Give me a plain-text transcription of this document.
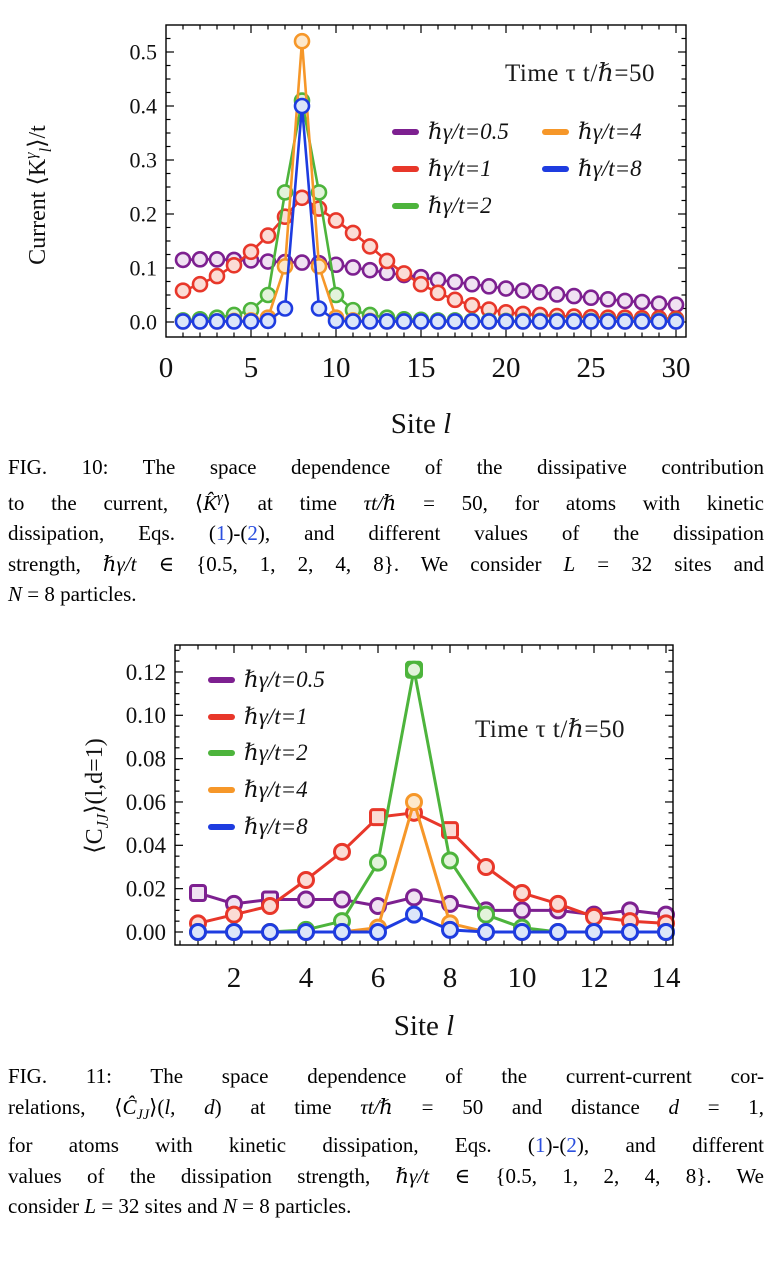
0 5 10 15 20 25 30
0.0
0.1
0.2
0.3
0.4
0.5
Time τ t/ℏ=50
Current $⟨K^\gamma_l⟩/t$
Site l
ℏγ/t=0.5
ℏγ/t=1
ℏγ/t=2
ℏγ/t=4
ℏγ/t=8
FIG. 10: The space dependence of the dissipative contribution
to the current, ⟨K̂$^\gamma$⟩ at time τt/ℏ = 50, for atoms with kinetic
dissipation, Eqs. (1)-(2), and different values of the dissipation
strength, ℏγ/t ∈ {0.5, 1, 2, 4, 8}. We consider L = 32 sites and
N = 8 particles.
2 4 6 8 10 12 14
0.00
0.02
0.04
0.06
0.08
0.10
0.12
Time τ t/ℏ=50
$⟨C_{JJ}⟩(l,d=1)$
Site l
ℏγ/t=0.5
ℏγ/t=1
ℏγ/t=2
ℏγ/t=4
ℏγ/t=8
FIG. 11: The space dependence of the current-current cor-
relations, $⟨Ĉ_{JJ}⟩(l$, d) at time τt/ℏ = 50 and distance d = 1,
for atoms with kinetic dissipation, Eqs. (1)-(2), and different
values of the dissipation strength, ℏγ/t ∈ {0.5, 1, 2, 4, 8}. We
consider L = 32 sites and N = 8 particles.
